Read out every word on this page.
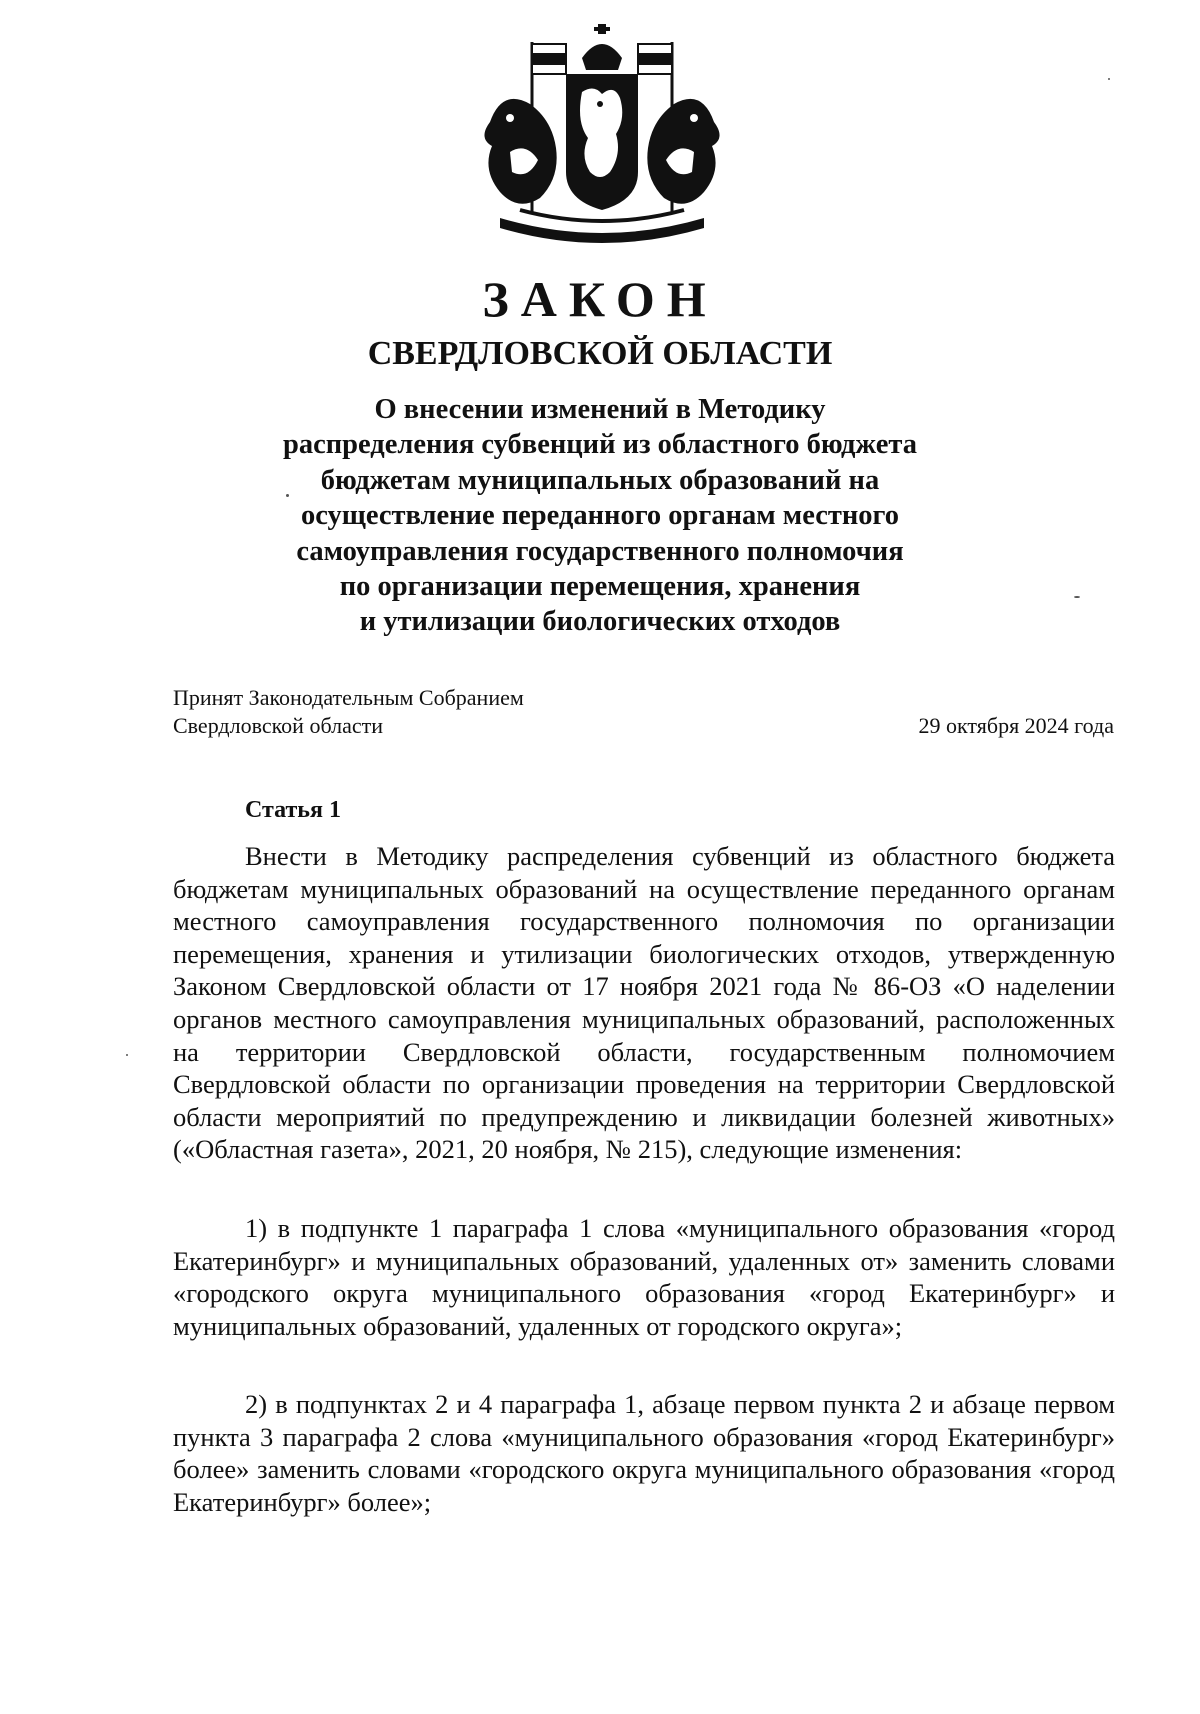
ЗАКОН
СВЕРДЛОВСКОЙ ОБЛАСТИ
О внесении изменений в Методику
распределения субвенций из областного бюджета
бюджетам муниципальных образований на
осуществление переданного органам местного
самоуправления государственного полномочия
по организации перемещения, хранения
и утилизации биологических отходов
Принят Законодательным Собранием
Свердловской области	29 октября 2024 года
Статья 1

Внести в Методику распределения субвенций из областного бюджета бюджетам муниципальных образований на осуществление переданного органам местного самоуправления государственного полномочия по организации перемещения, хранения и утилизации биологических отходов, утвержденную Законом Свердловской области от 17 ноября 2021 года № 86-ОЗ «О наделении органов местного самоуправления муниципальных образований, расположенных на территории Свердловской области, государственным полномочием Свердловской области по организации проведения на территории Свердловской области мероприятий по предупреждению и ликвидации болезней животных» («Областная газета», 2021, 20 ноября, № 215), следующие изменения:

1) в подпункте 1 параграфа 1 слова «муниципального образования «город Екатеринбург» и муниципальных образований, удаленных от» заменить словами «городского округа муниципального образования «город Екатеринбург» и муниципальных образований, удаленных от городского округа»;

2) в подпунктах 2 и 4 параграфа 1, абзаце первом пункта 2 и абзаце первом пункта 3 параграфа 2 слова «муниципального образования «город Екатеринбург» более» заменить словами «городского округа муниципального образования «город Екатеринбург» более»;
